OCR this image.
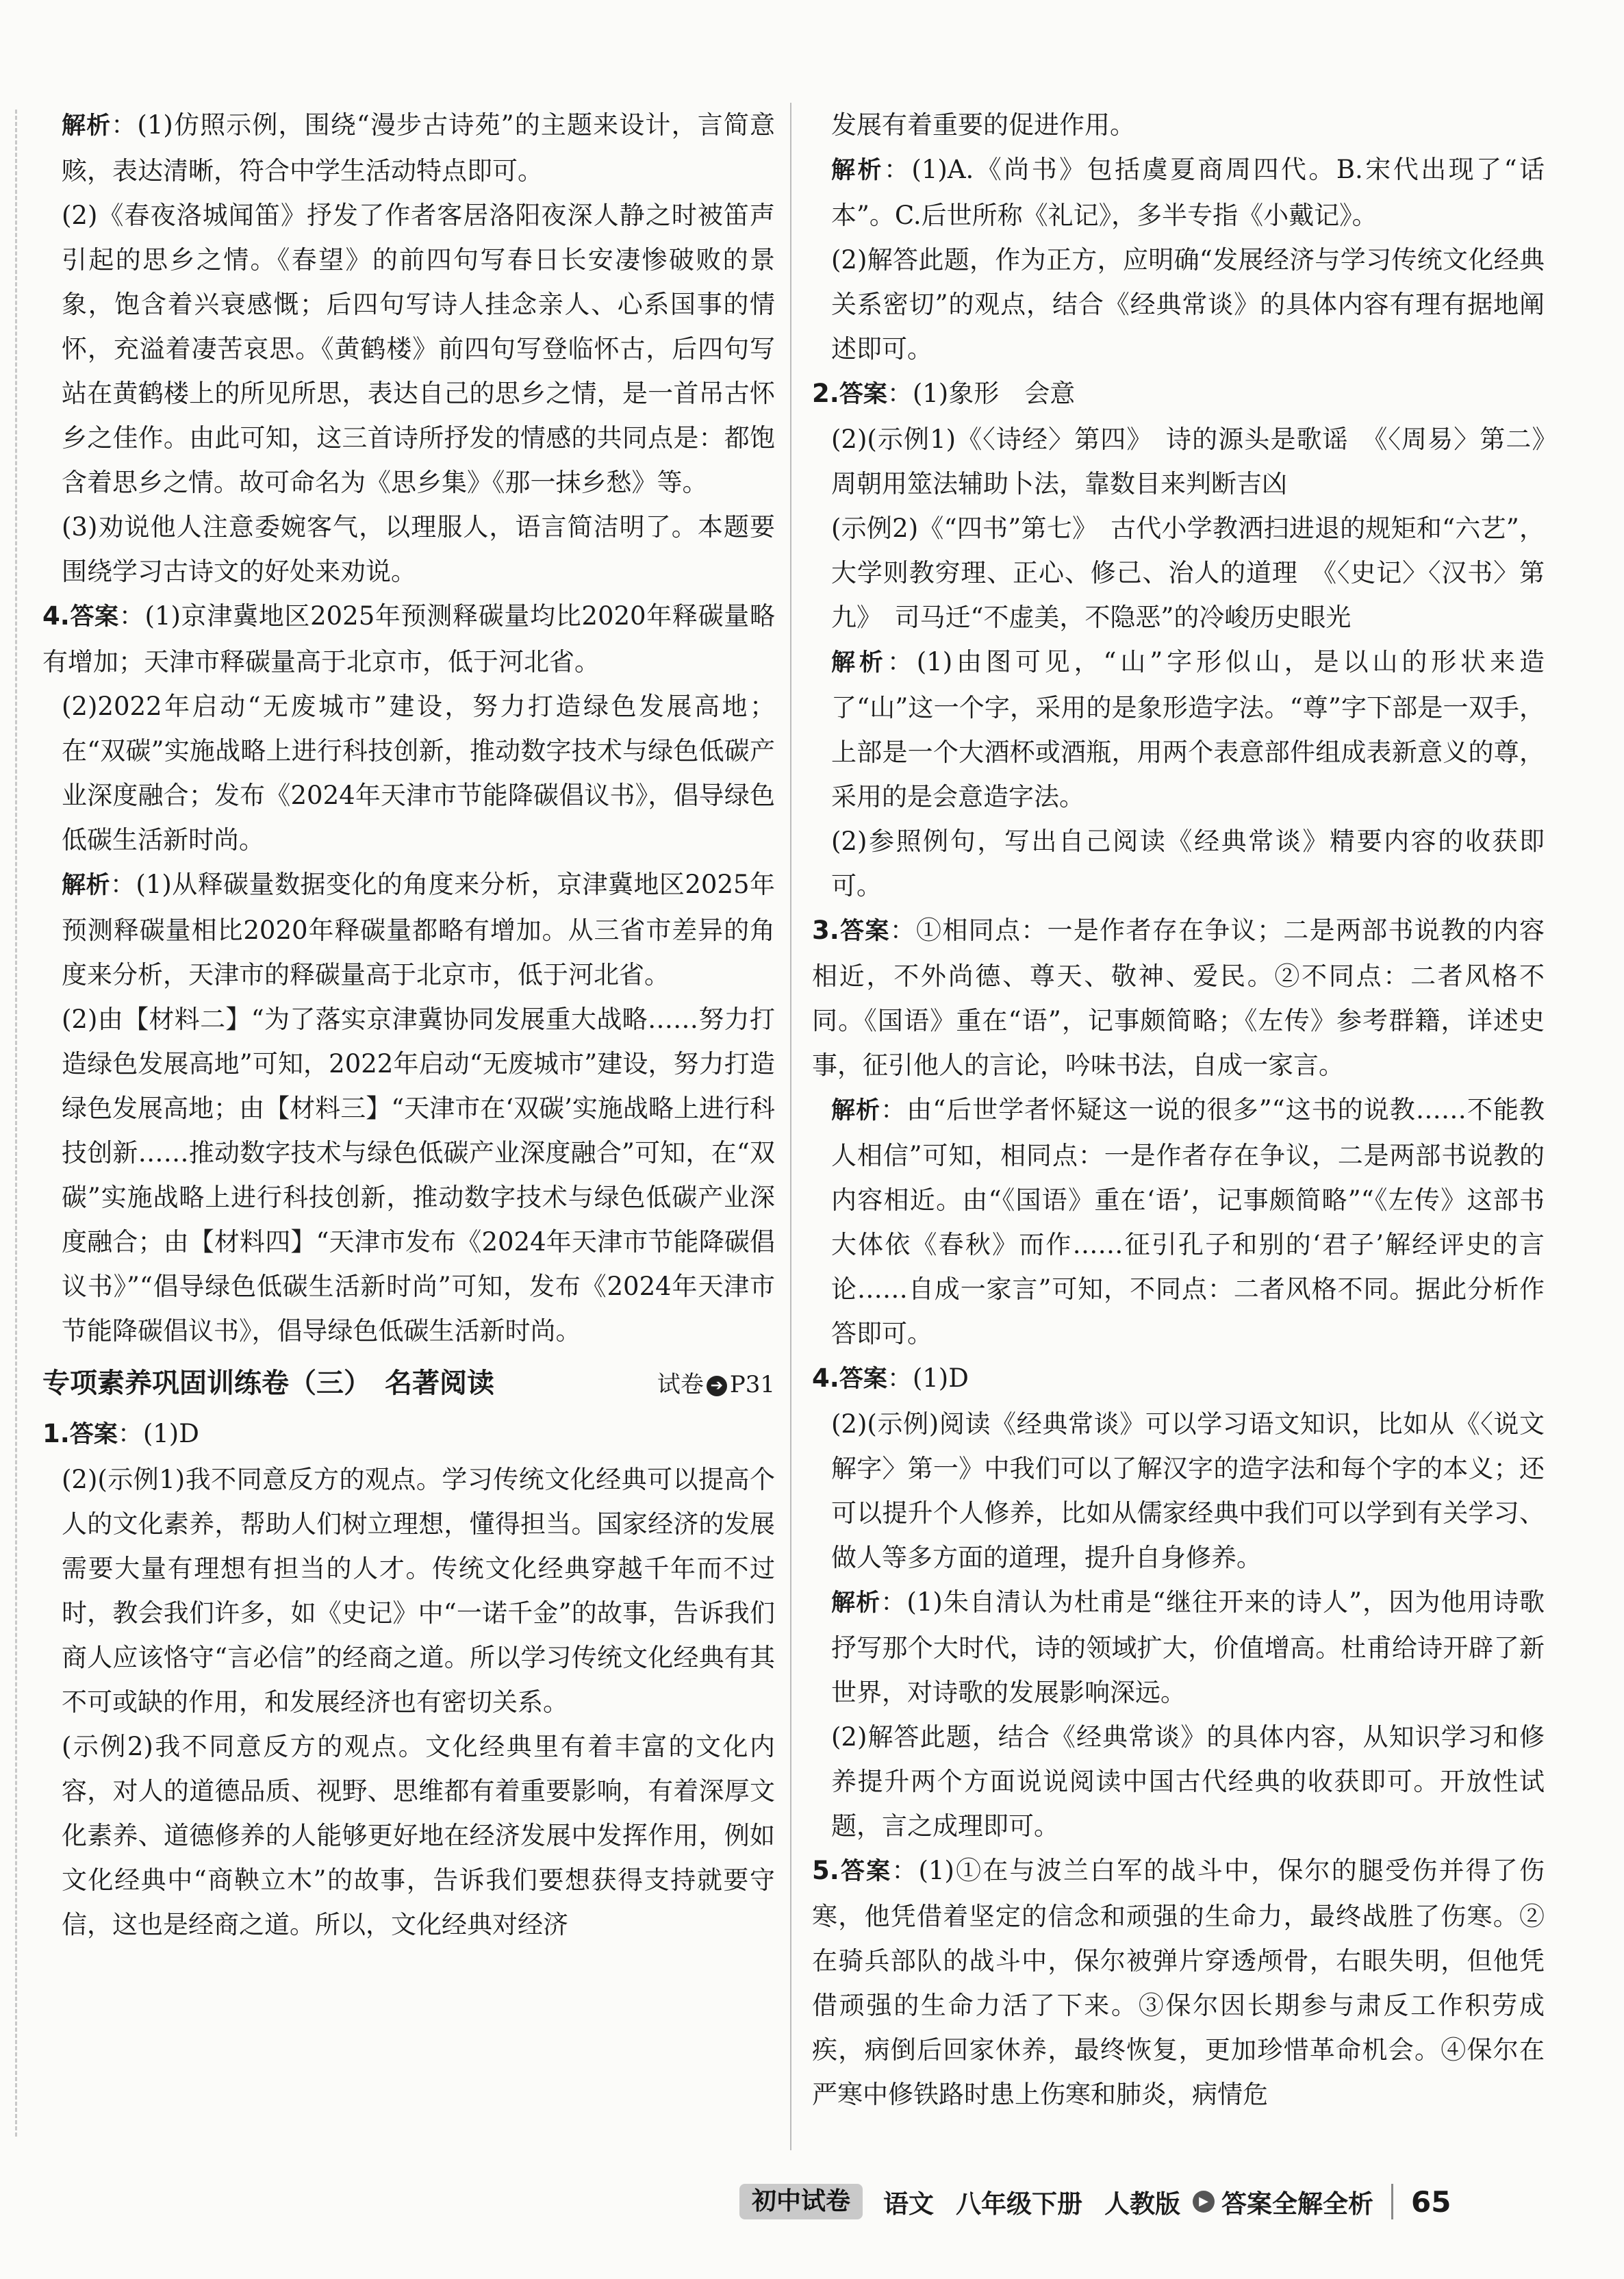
解析：(1)仿照示例，围绕“漫步古诗苑”的主题来设计，言简意赅，表达清晰，符合中学生活动特点即可。

(2)《春夜洛城闻笛》抒发了作者客居洛阳夜深人静之时被笛声引起的思乡之情。《春望》的前四句写春日长安凄惨破败的景象，饱含着兴衰感慨；后四句写诗人挂念亲人、心系国事的情怀，充溢着凄苦哀思。《黄鹤楼》前四句写登临怀古，后四句写站在黄鹤楼上的所见所思，表达自己的思乡之情，是一首吊古怀乡之佳作。由此可知，这三首诗所抒发的情感的共同点是：都饱含着思乡之情。故可命名为《思乡集》《那一抹乡愁》等。

(3)劝说他人注意委婉客气，以理服人，语言简洁明了。本题要围绕学习古诗文的好处来劝说。

4.答案：(1)京津冀地区2025年预测释碳量均比2020年释碳量略有增加；天津市释碳量高于北京市，低于河北省。

(2)2022年启动“无废城市”建设，努力打造绿色发展高地；在“双碳”实施战略上进行科技创新，推动数字技术与绿色低碳产业深度融合；发布《2024年天津市节能降碳倡议书》，倡导绿色低碳生活新时尚。

解析：(1)从释碳量数据变化的角度来分析，京津冀地区2025年预测释碳量相比2020年释碳量都略有增加。从三省市差异的角度来分析，天津市的释碳量高于北京市，低于河北省。

(2)由【材料二】“为了落实京津冀协同发展重大战略……努力打造绿色发展高地”可知，2022年启动“无废城市”建设，努力打造绿色发展高地；由【材料三】“天津市在‘双碳’实施战略上进行科技创新……推动数字技术与绿色低碳产业深度融合”可知，在“双碳”实施战略上进行科技创新，推动数字技术与绿色低碳产业深度融合；由【材料四】“天津市发布《2024年天津市节能降碳倡议书》”“倡导绿色低碳生活新时尚”可知，发布《2024年天津市节能降碳倡议书》，倡导绿色低碳生活新时尚。

专项素养巩固训练卷（三）　名著阅读	试卷 ➔ P31

1.答案：(1)D

(2)(示例1)我不同意反方的观点。学习传统文化经典可以提高个人的文化素养，帮助人们树立理想，懂得担当。国家经济的发展需要大量有理想有担当的人才。传统文化经典穿越千年而不过时，教会我们许多，如《史记》中“一诺千金”的故事，告诉我们商人应该恪守“言必信”的经商之道。所以学习传统文化经典有其不可或缺的作用，和发展经济也有密切关系。

(示例2)我不同意反方的观点。文化经典里有着丰富的文化内容，对人的道德品质、视野、思维都有着重要影响，有着深厚文化素养、道德修养的人能够更好地在经济发展中发挥作用，例如文化经典中“商鞅立木”的故事，告诉我们要想获得支持就要守信，这也是经商之道。所以，文化经典对经济

发展有着重要的促进作用。

解析：(1)A.《尚书》包括虞夏商周四代。B.宋代出现了“话本”。C.后世所称《礼记》，多半专指《小戴记》。

(2)解答此题，作为正方，应明确“发展经济与学习传统文化经典关系密切”的观点，结合《经典常谈》的具体内容有理有据地阐述即可。

2.答案：(1)象形　会意

(2)(示例1)《〈诗经〉第四》　诗的源头是歌谣　《〈周易〉第二》　周朝用筮法辅助卜法，靠数目来判断吉凶

(示例2)《“四书”第七》　古代小学教洒扫进退的规矩和“六艺”，大学则教穷理、正心、修己、治人的道理　《〈史记〉〈汉书〉第九》　司马迁“不虚美，不隐恶”的冷峻历史眼光

解析：(1)由图可见，“山”字形似山，是以山的形状来造了“山”这一个字，采用的是象形造字法。“尊”字下部是一双手，上部是一个大酒杯或酒瓶，用两个表意部件组成表新意义的尊，采用的是会意造字法。

(2)参照例句，写出自己阅读《经典常谈》精要内容的收获即可。

3.答案：①相同点：一是作者存在争议；二是两部书说教的内容相近，不外尚德、尊天、敬神、爱民。②不同点：二者风格不同。《国语》重在“语”，记事颇简略；《左传》参考群籍，详述史事，征引他人的言论，吟味书法，自成一家言。

解析：由“后世学者怀疑这一说的很多”“这书的说教……不能教人相信”可知，相同点：一是作者存在争议，二是两部书说教的内容相近。由“《国语》重在‘语’，记事颇简略”“《左传》这部书大体依《春秋》而作……征引孔子和别的‘君子’解经评史的言论……自成一家言”可知，不同点：二者风格不同。据此分析作答即可。

4.答案：(1)D

(2)(示例)阅读《经典常谈》可以学习语文知识，比如从《〈说文解字〉第一》中我们可以了解汉字的造字法和每个字的本义；还可以提升个人修养，比如从儒家经典中我们可以学到有关学习、做人等多方面的道理，提升自身修养。

解析：(1)朱自清认为杜甫是“继往开来的诗人”，因为他用诗歌抒写那个大时代，诗的领域扩大，价值增高。杜甫给诗开辟了新世界，对诗歌的发展影响深远。

(2)解答此题，结合《经典常谈》的具体内容，从知识学习和修养提升两个方面说说阅读中国古代经典的收获即可。开放性试题，言之成理即可。

5.答案：(1)①在与波兰白军的战斗中，保尔的腿受伤并得了伤寒，他凭借着坚定的信念和顽强的生命力，最终战胜了伤寒。②在骑兵部队的战斗中，保尔被弹片穿透颅骨，右眼失明，但他凭借顽强的生命力活了下来。③保尔因长期参与肃反工作积劳成疾，病倒后回家休养，最终恢复，更加珍惜革命机会。④保尔在严寒中修铁路时患上伤寒和肺炎，病情危

初中试卷	语文 八年级下册 人教版	▶ 答案全解全析 65
